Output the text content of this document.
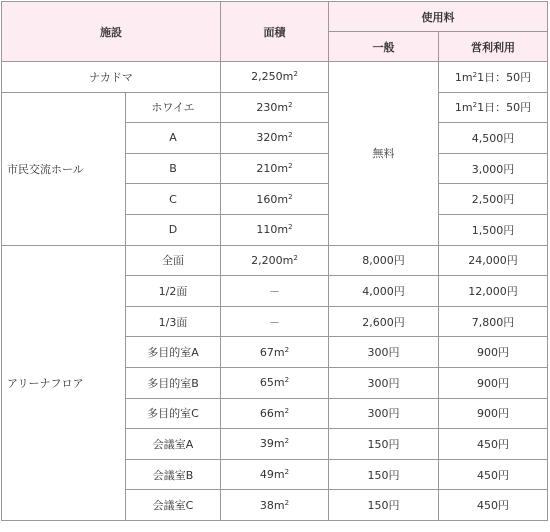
施設		面積	使用料	
			一般	営利利用
ナカドマ		$2,250m^2$	無料	$1m^21$日：50円
市民交流ホール	ホワイエ	$230m^2$		$1m^21$日：50円
	A	$320m^2$		4,500円
	B	$210m^2$		3,000円
	C	$160m^2$		2,500円
	D	$110m^2$		1,500円
アリーナフロア	全面	$2,200m^2$	8,000円	24,000円
	1/2面	－	4,000円	12,000円
	1/3面	－	2,600円	7,800円
	多目的室A	$67m^2$	300円	900円
	多目的室B	$65m^2$	300円	900円
	多目的室C	$66m^2$	300円	900円
	会議室A	$39m^2$	150円	450円
	会議室B	$49m^2$	150円	450円
	会議室C	$38m^2$	150円	450円
